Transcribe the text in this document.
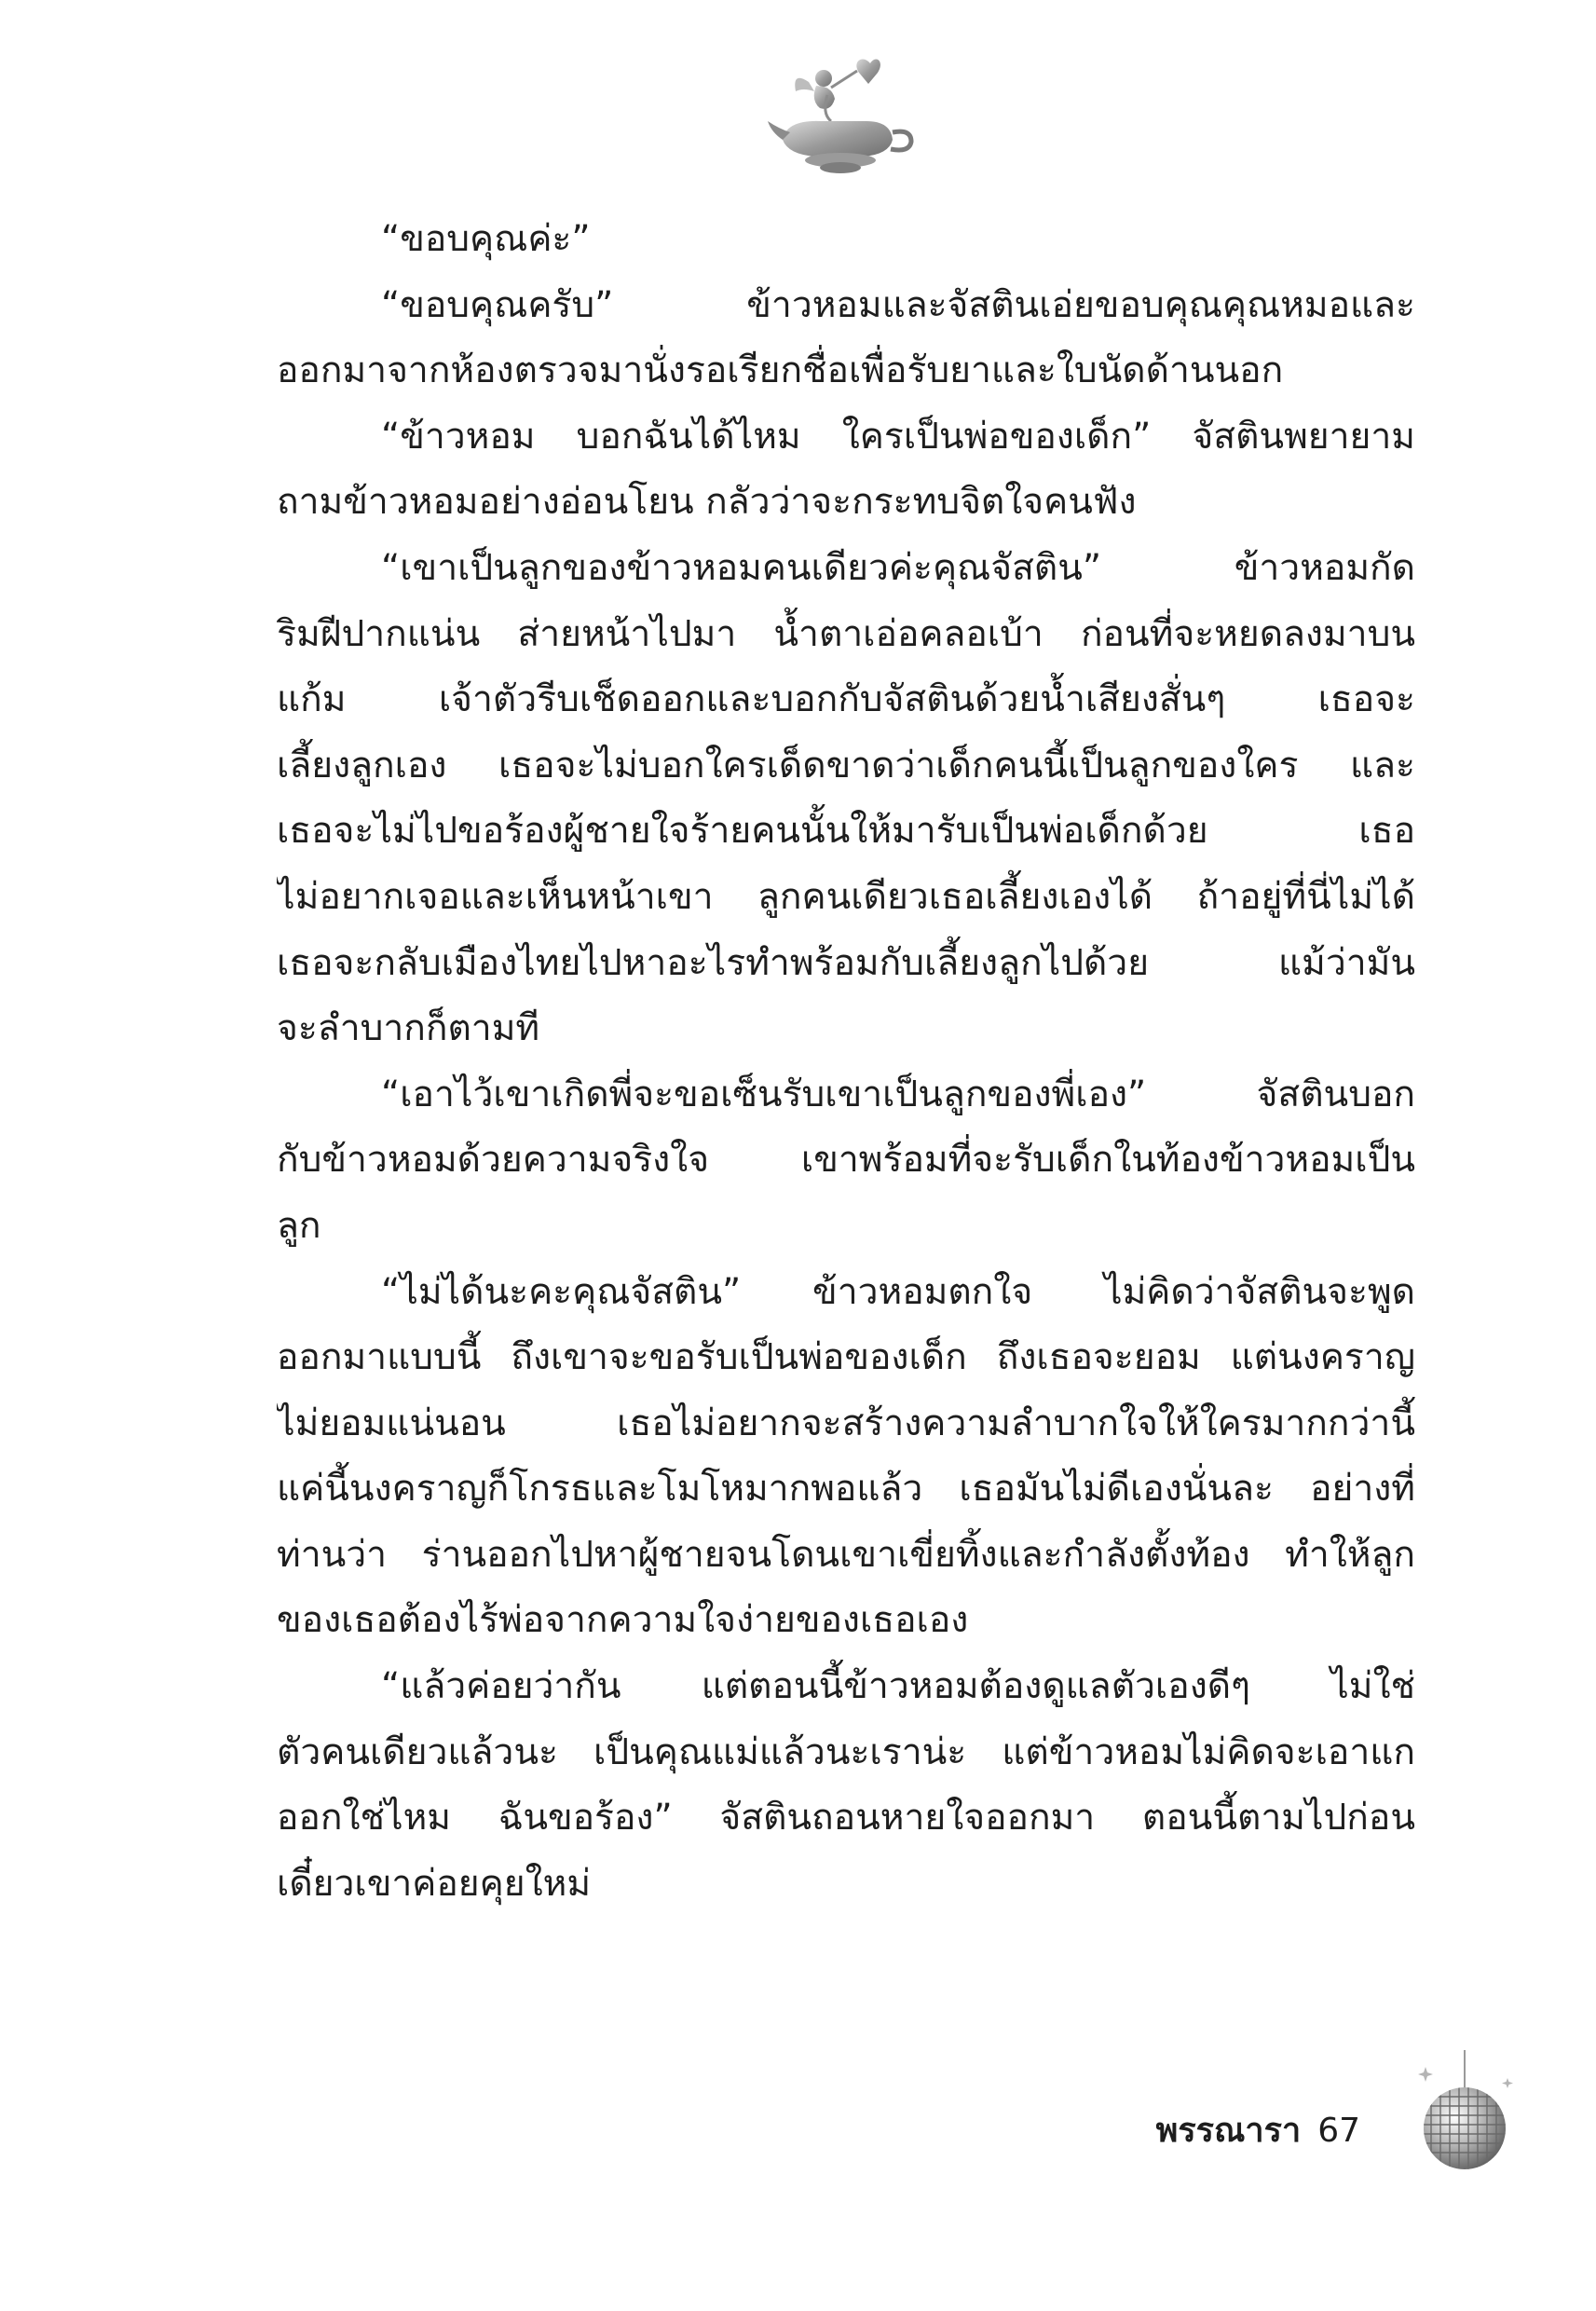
“ขอบคุณค่ะ”
“ขอบคุณครับ” ข้าวหอมและจัสตินเอ่ยขอบคุณคุณหมอและ
ออกมาจากห้องตรวจมานั่งรอเรียกชื่อเพื่อรับยาและใบนัดด้านนอก
“ข้าวหอม บอกฉันได้ไหม ใครเป็นพ่อของเด็ก” จัสตินพยายาม
ถามข้าวหอมอย่างอ่อนโยน กลัวว่าจะกระทบจิตใจคนฟัง
“เขาเป็นลูกของข้าวหอมคนเดียวค่ะคุณจัสติน” ข้าวหอมกัด
ริมฝีปากแน่น ส่ายหน้าไปมา น้ำตาเอ่อคลอเบ้า ก่อนที่จะหยดลงมาบน
แก้ม เจ้าตัวรีบเช็ดออกและบอกกับจัสตินด้วยน้ำเสียงสั่นๆ เธอจะ
เลี้ยงลูกเอง เธอจะไม่บอกใครเด็ดขาดว่าเด็กคนนี้เป็นลูกของใคร และ
เธอจะไม่ไปขอร้องผู้ชายใจร้ายคนนั้นให้มารับเป็นพ่อเด็กด้วย เธอ
ไม่อยากเจอและเห็นหน้าเขา ลูกคนเดียวเธอเลี้ยงเองได้ ถ้าอยู่ที่นี่ไม่ได้
เธอจะกลับเมืองไทยไปหาอะไรทำพร้อมกับเลี้ยงลูกไปด้วย แม้ว่ามัน
จะลำบากก็ตามที
“เอาไว้เขาเกิดพี่จะขอเซ็นรับเขาเป็นลูกของพี่เอง” จัสตินบอก
กับข้าวหอมด้วยความจริงใจ เขาพร้อมที่จะรับเด็กในท้องข้าวหอมเป็น
ลูก
“ไม่ได้นะคะคุณจัสติน” ข้าวหอมตกใจ ไม่คิดว่าจัสตินจะพูด
ออกมาแบบนี้ ถึงเขาจะขอรับเป็นพ่อของเด็ก ถึงเธอจะยอม แต่นงคราญ
ไม่ยอมแน่นอน เธอไม่อยากจะสร้างความลำบากใจให้ใครมากกว่านี้
แค่นี้นงคราญก็โกรธและโมโหมากพอแล้ว เธอมันไม่ดีเองนั่นละ อย่างที่
ท่านว่า ร่านออกไปหาผู้ชายจนโดนเขาเขี่ยทิ้งและกำลังตั้งท้อง ทำให้ลูก
ของเธอต้องไร้พ่อจากความใจง่ายของเธอเอง
“แล้วค่อยว่ากัน แต่ตอนนี้ข้าวหอมต้องดูแลตัวเองดีๆ ไม่ใช่
ตัวคนเดียวแล้วนะ เป็นคุณแม่แล้วนะเราน่ะ แต่ข้าวหอมไม่คิดจะเอาแก
ออกใช่ไหม ฉันขอร้อง” จัสตินถอนหายใจออกมา ตอนนี้ตามไปก่อน
เดี๋ยวเขาค่อยคุยใหม่
พรรณารา 67
